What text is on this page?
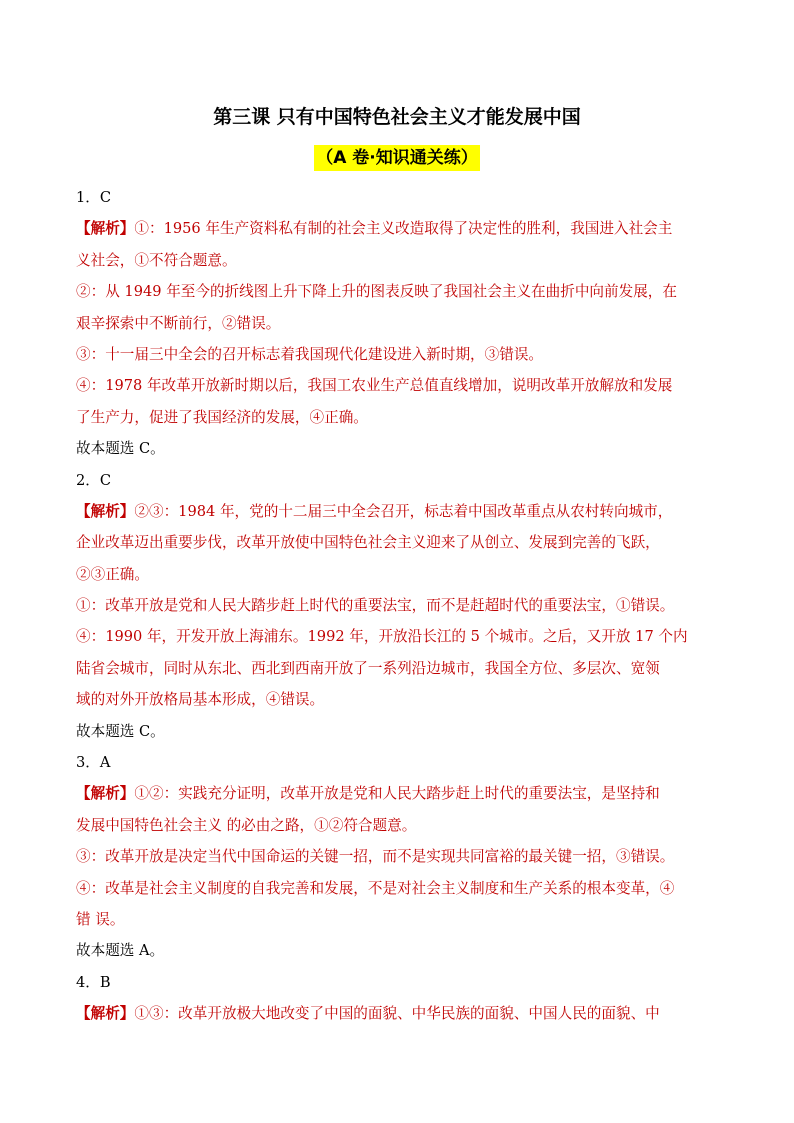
第三课 只有中国特色社会主义才能发展中国
（A 卷·知识通关练）
1．C
【解析】①：1956 年生产资料私有制的社会主义改造取得了决定性的胜利，我国进入社会主
义社会，①不符合题意。
②：从 1949 年至今的折线图上升下降上升的图表反映了我国社会主义在曲折中向前发展，在
艰辛探索中不断前行，②错误。
③：十一届三中全会的召开标志着我国现代化建设进入新时期，③错误。
④：1978 年改革开放新时期以后，我国工农业生产总值直线增加，说明改革开放解放和发展
了生产力，促进了我国经济的发展，④正确。
故本题选 C。
2．C
【解析】②③：1984 年，党的十二届三中全会召开，标志着中国改革重点从农村转向城市，
企业改革迈出重要步伐，改革开放使中国特色社会主义迎来了从创立、发展到完善的飞跃，
②③正确。
①：改革开放是党和人民大踏步赶上时代的重要法宝，而不是赶超时代的重要法宝，①错误。
④：1990 年，开发开放上海浦东。1992 年，开放沿长江的 5 个城市。之后，又开放 17 个内
陆省会城市，同时从东北、西北到西南开放了一系列沿边城市，我国全方位、多层次、宽领
域的对外开放格局基本形成，④错误。
故本题选 C。
3．A
【解析】①②：实践充分证明，改革开放是党和人民大踏步赶上时代的重要法宝，是坚持和
发展中国特色社会主义 的必由之路，①②符合题意。
③：改革开放是决定当代中国命运的关键一招，而不是实现共同富裕的最关键一招，③错误。
④：改革是社会主义制度的自我完善和发展，不是对社会主义制度和生产关系的根本变革，④
错 误。
故本题选 A。
4．B
【解析】①③：改革开放极大地改变了中国的面貌、中华民族的面貌、中国人民的面貌、中
